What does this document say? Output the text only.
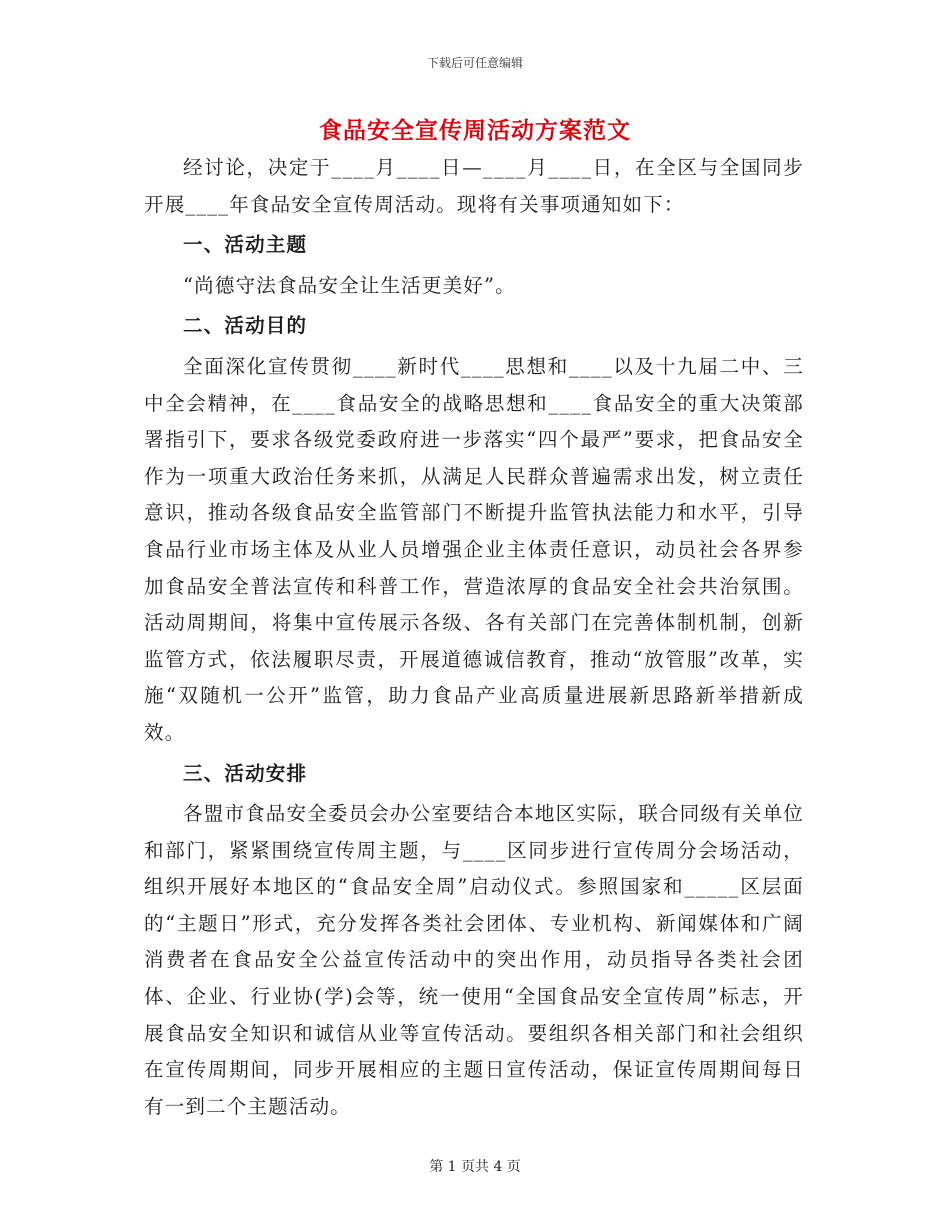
下载后可任意编辑
食品安全宣传周活动方案范文

经讨论，决定于____月____日—____月____日，在全区与全国同步开展____年食品安全宣传周活动。现将有关事项通知如下：

一、活动主题

“尚德守法食品安全让生活更美好”。

二、活动目的

全面深化宣传贯彻____新时代____思想和____以及十九届二中、三中全会精神，在____食品安全的战略思想和____食品安全的重大决策部署指引下，要求各级党委政府进一步落实“四个最严”要求，把食品安全作为一项重大政治任务来抓，从满足人民群众普遍需求出发，树立责任意识，推动各级食品安全监管部门不断提升监管执法能力和水平，引导食品行业市场主体及从业人员增强企业主体责任意识，动员社会各界参加食品安全普法宣传和科普工作，营造浓厚的食品安全社会共治氛围。活动周期间，将集中宣传展示各级、各有关部门在完善体制机制，创新监管方式，依法履职尽责，开展道德诚信教育，推动“放管服”改革，实施“双随机一公开”监管，助力食品产业高质量进展新思路新举措新成效。

三、活动安排

各盟市食品安全委员会办公室要结合本地区实际，联合同级有关单位和部门，紧紧围绕宣传周主题，与____区同步进行宣传周分会场活动，组织开展好本地区的“食品安全周”启动仪式。参照国家和_____区层面的“主题日”形式，充分发挥各类社会团体、专业机构、新闻媒体和广阔消费者在食品安全公益宣传活动中的突出作用，动员指导各类社会团体、企业、行业协(学)会等，统一使用“全国食品安全宣传周”标志，开展食品安全知识和诚信从业等宣传活动。要组织各相关部门和社会组织在宣传周期间，同步开展相应的主题日宣传活动，保证宣传周期间每日有一到二个主题活动。

第 1 页共 4 页
